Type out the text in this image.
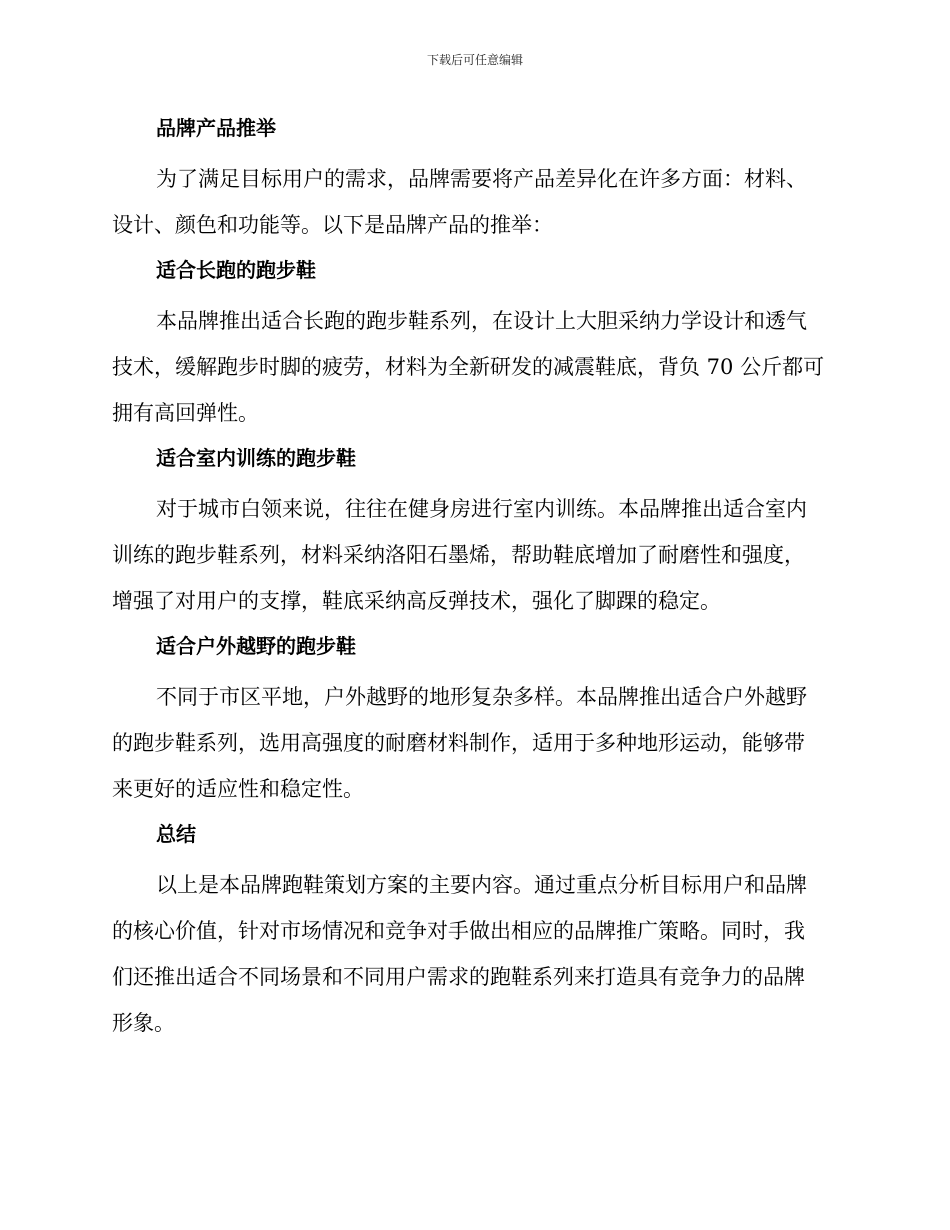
下载后可任意编辑
品牌产品推举

为了满足目标用户的需求，品牌需要将产品差异化在许多方面：材料、
设计、颜色和功能等。以下是品牌产品的推举：

适合长跑的跑步鞋

本品牌推出适合长跑的跑步鞋系列，在设计上大胆采纳力学设计和透气
技术，缓解跑步时脚的疲劳，材料为全新研发的减震鞋底，背负 70 公斤都可
拥有高回弹性。

适合室内训练的跑步鞋

对于城市白领来说，往往在健身房进行室内训练。本品牌推出适合室内
训练的跑步鞋系列，材料采纳洛阳石墨烯，帮助鞋底增加了耐磨性和强度，
增强了对用户的支撑，鞋底采纳高反弹技术，强化了脚踝的稳定。

适合户外越野的跑步鞋

不同于市区平地，户外越野的地形复杂多样。本品牌推出适合户外越野
的跑步鞋系列，选用高强度的耐磨材料制作，适用于多种地形运动，能够带
来更好的适应性和稳定性。

总结

以上是本品牌跑鞋策划方案的主要内容。通过重点分析目标用户和品牌
的核心价值，针对市场情况和竞争对手做出相应的品牌推广策略。同时，我
们还推出适合不同场景和不同用户需求的跑鞋系列来打造具有竞争力的品牌
形象。
